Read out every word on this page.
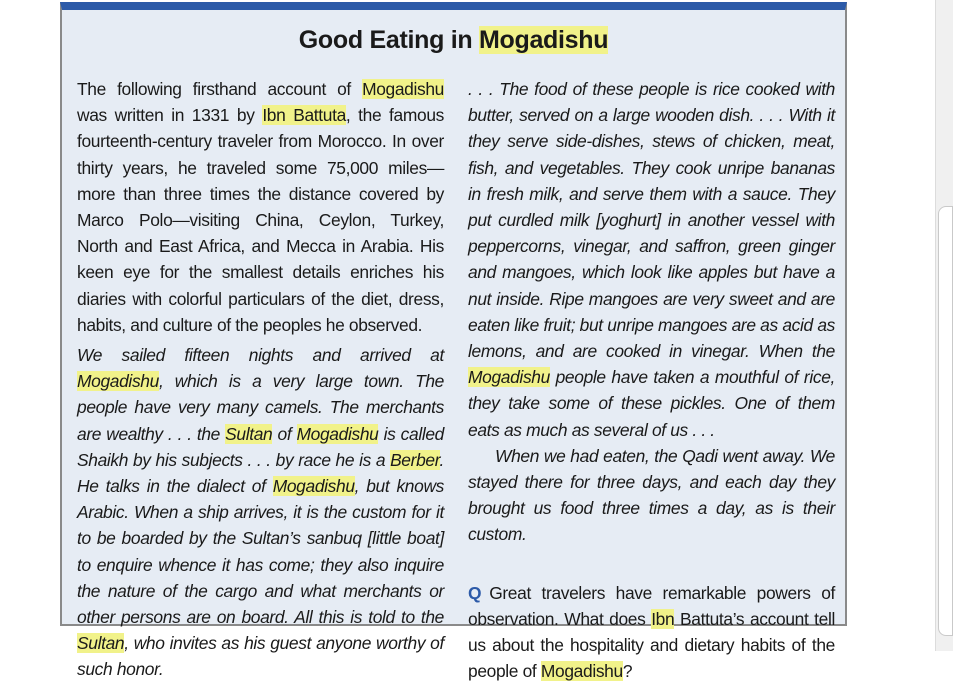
Good Eating in Mogadishu

The following firsthand account of Mogadishu was written in 1331 by Ibn Battuta, the famous fourteenth-century traveler from Morocco. In over thirty years, he traveled some 75,000 miles—more than three times the distance covered by Marco Polo—visiting China, Ceylon, Turkey, North and East Africa, and Mecca in Arabia. His keen eye for the smallest details enriches his diaries with colorful particulars of the diet, dress, habits, and culture of the peoples he observed.

We sailed fifteen nights and arrived at Mogadishu, which is a very large town. The people have very many camels. The merchants are wealthy . . . the Sultan of Mogadishu is called Shaikh by his subjects . . . by race he is a Berber. He talks in the dialect of Mogadishu, but knows Arabic. When a ship arrives, it is the custom for it to be boarded by the Sultan’s sanbuq [little boat] to enquire whence it has come; they also inquire the nature of the cargo and what merchants or other persons are on board. All this is told to the Sultan, who invites as his guest anyone worthy of such honor.

. . . The food of these people is rice cooked with butter, served on a large wooden dish. . . . With it they serve side-dishes, stews of chicken, meat, fish, and vegetables. They cook unripe bananas in fresh milk, and serve them with a sauce. They put curdled milk [yoghurt] in another vessel with peppercorns, vinegar, and saffron, green ginger and mangoes, which look like apples but have a nut inside. Ripe mangoes are very sweet and are eaten like fruit; but unripe mangoes are as acid as lemons, and are cooked in vinegar. When the Mogadishu people have taken a mouthful of rice, they take some of these pickles. One of them eats as much as several of us . . .

When we had eaten, the Qadi went away. We stayed there for three days, and each day they brought us food three times a day, as is their custom.

Q Great travelers have remarkable powers of observation. What does Ibn Battuta’s account tell us about the hospitality and dietary habits of the people of Mogadishu?
